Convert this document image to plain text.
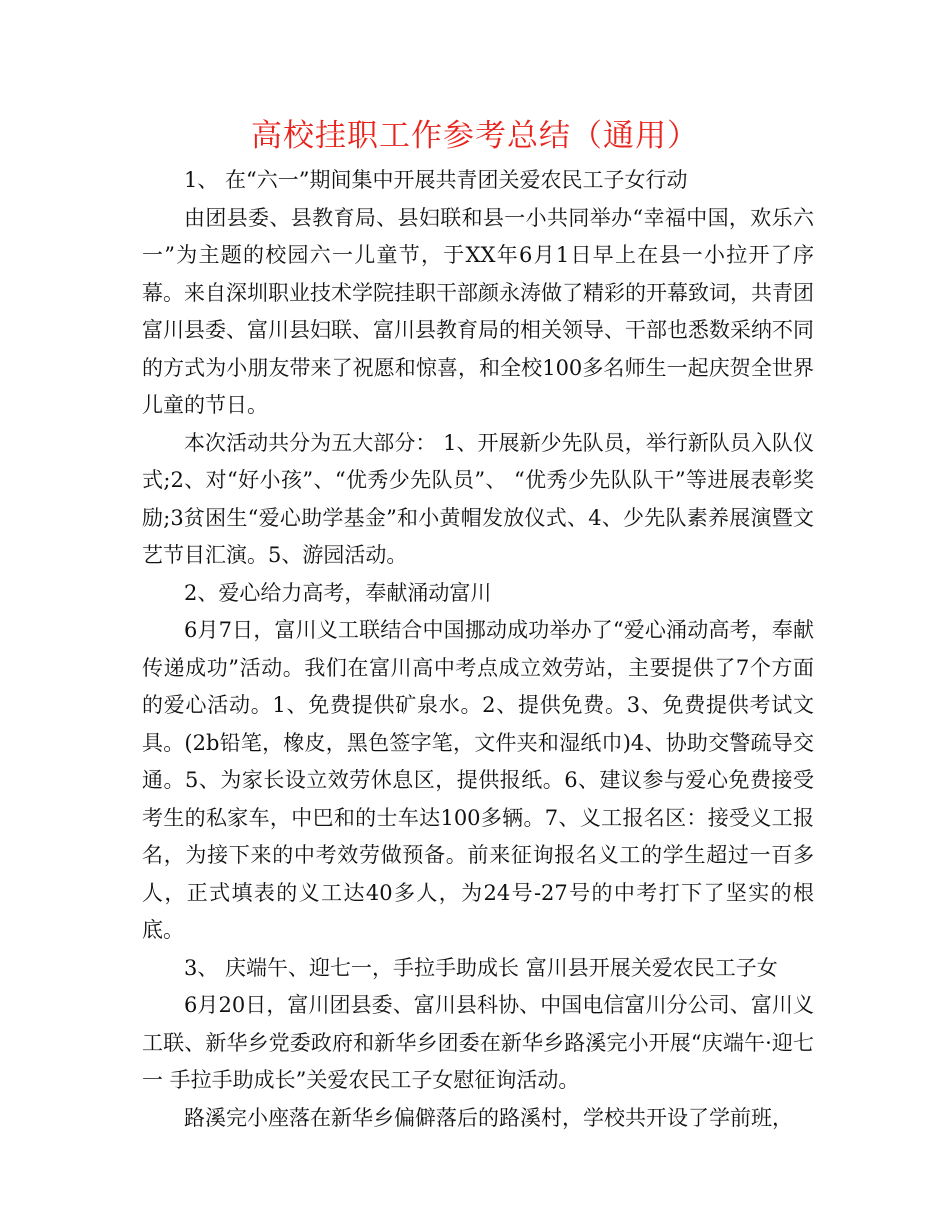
高校挂职工作参考总结（通用）

1、 在“六一”期间集中开展共青团关爱农民工子女行动

由团县委、县教育局、县妇联和县一小共同举办“幸福中国，欢乐六一”为主题的校园六一儿童节，于XX年6月1日早上在县一小拉开了序幕。来自深圳职业技术学院挂职干部颜永涛做了精彩的开幕致词，共青团富川县委、富川县妇联、富川县教育局的相关领导、干部也悉数采纳不同的方式为小朋友带来了祝愿和惊喜，和全校100多名师生一起庆贺全世界儿童的节日。

本次活动共分为五大部分： 1、开展新少先队员，举行新队员入队仪式;2、对“好小孩”、“优秀少先队员”、 “优秀少先队队干”等进展表彰奖励;3贫困生“爱心助学基金”和小黄帽发放仪式、4、少先队素养展演暨文艺节目汇演。5、游园活动。

2、爱心给力高考，奉献涌动富川

6月7日，富川义工联结合中国挪动成功举办了“爱心涌动高考，奉献传递成功”活动。我们在富川高中考点成立效劳站，主要提供了7个方面的爱心活动。1、免费提供矿泉水。2、提供免费。3、免费提供考试文具。(2b铅笔，橡皮，黑色签字笔，文件夹和湿纸巾)4、协助交警疏导交通。5、为家长设立效劳休息区，提供报纸。6、建议参与爱心免费接受考生的私家车，中巴和的士车达100多辆。7、义工报名区：接受义工报名，为接下来的中考效劳做预备。前来征询报名义工的学生超过一百多人，正式填表的义工达40多人，为24号-27号的中考打下了坚实的根底。

3、 庆端午、迎七一，手拉手助成长 富川县开展关爱农民工子女

6月20日，富川团县委、富川县科协、中国电信富川分公司、富川义工联、新华乡党委政府和新华乡团委在新华乡路溪完小开展“庆端午·迎七一 手拉手助成长”关爱农民工子女慰征询活动。

路溪完小座落在新华乡偏僻落后的路溪村，学校共开设了学前班，
